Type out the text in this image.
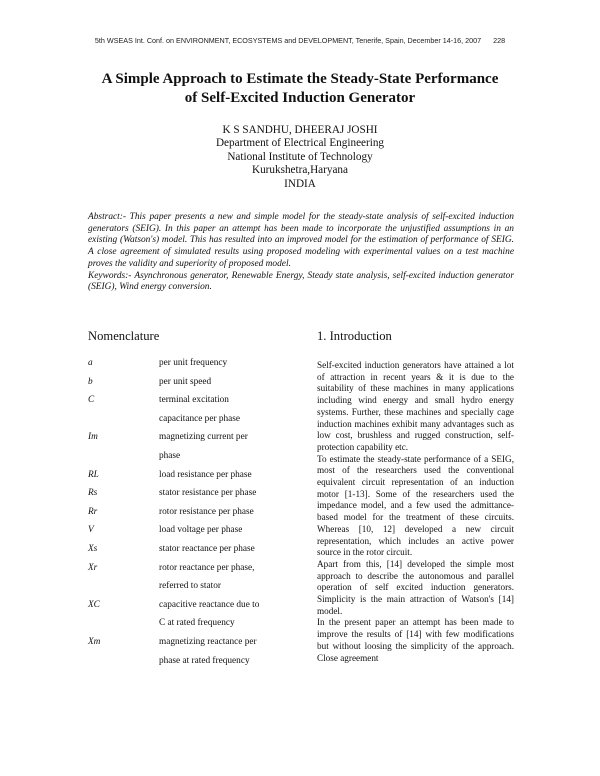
5th WSEAS Int. Conf. on ENVIRONMENT, ECOSYSTEMS and DEVELOPMENT, Tenerife, Spain, December 14-16, 2007 228
A Simple Approach to Estimate the Steady-State Performance
of Self-Excited Induction Generator
K S SANDHU, DHEERAJ JOSHI
Department of Electrical Engineering
National Institute of Technology
Kurukshetra,Haryana
INDIA

Abstract:- This paper presents a new and simple model for the steady-state analysis of self-excited induction generators (SEIG). In this paper an attempt has been made to incorporate the unjustified assumptions in an existing (Watson's) model. This has resulted into an improved model for the estimation of performance of SEIG. A close agreement of simulated results using proposed modeling with experimental values on a test machine proves the validity and superiority of proposed model.

Keywords:- Asynchronous generator, Renewable Energy, Steady state analysis, self-excited induction generator (SEIG), Wind energy conversion.

Nomenclature
a	per unit frequency
b	per unit speed
C	terminal excitation
capacitance per phase
Im	magnetizing current per
phase
RL	load resistance per phase
Rs	stator resistance per phase
Rr	rotor resistance per phase
V	load voltage per phase
Xs	stator reactance per phase
Xr	rotor reactance per phase,
referred to stator
XC	capacitive reactance due to
C at rated frequency
Xm	magnetizing reactance per
phase at rated frequency
1. Introduction

Self-excited induction generators have attained a lot of attraction in recent years & it is due to the suitability of these machines in many applications including wind energy and small hydro energy systems. Further, these machines and specially cage induction machines exhibit many advantages such as low cost, brushless and rugged construction, self-protection capability etc.

To estimate the steady-state performance of a SEIG, most of the researchers used the conventional equivalent circuit representation of an induction motor [1-13]. Some of the researchers used the impedance model, and a few used the admittance-based model for the treatment of these circuits. Whereas [10, 12] developed a new circuit representation, which includes an active power source in the rotor circuit.

Apart from this, [14] developed the simple most approach to describe the autonomous and parallel operation of self excited induction generators. Simplicity is the main attraction of Watson's [14] model.

In the present paper an attempt has been made to improve the results of [14] with few modifications but without loosing the simplicity of the approach. Close agreement
